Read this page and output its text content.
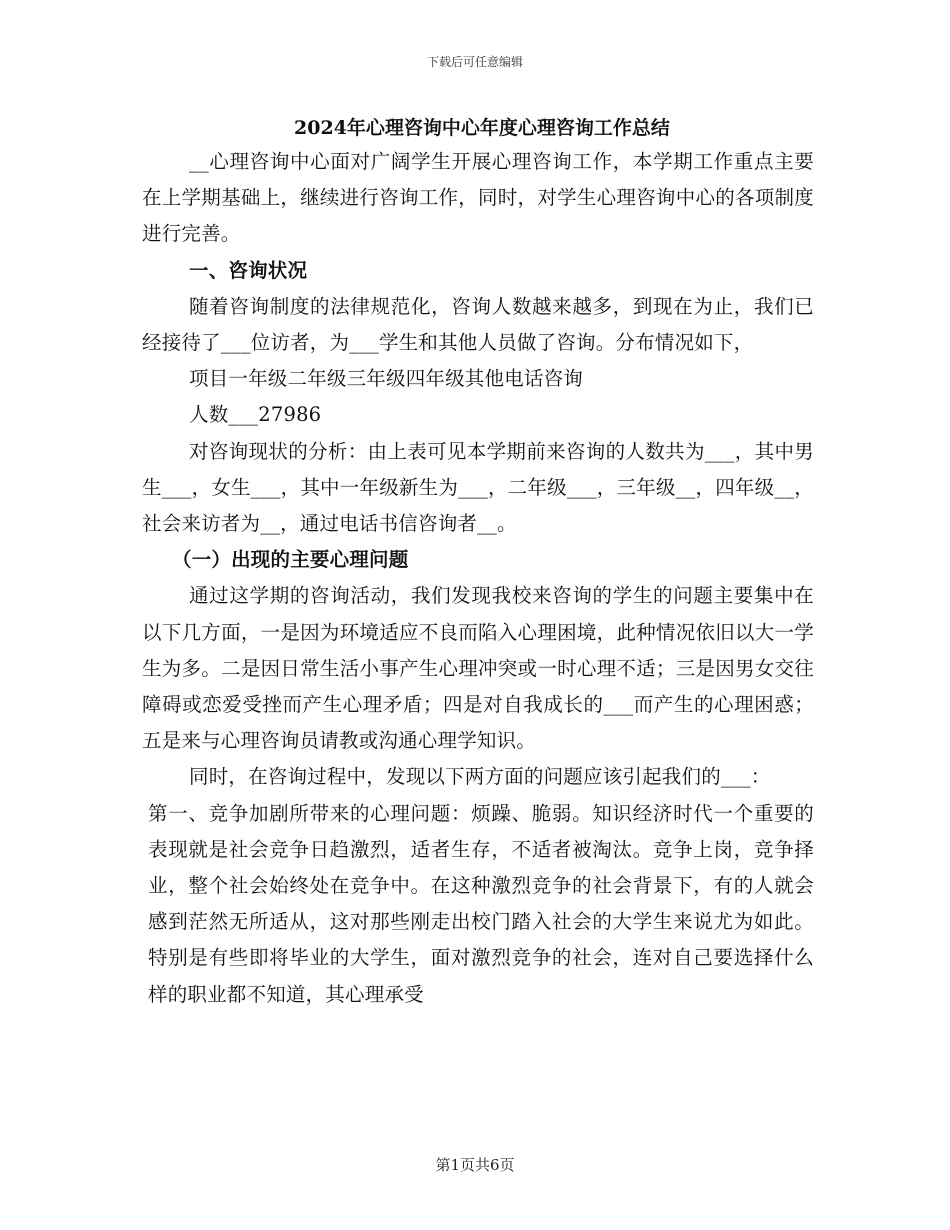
下载后可任意编辑

2024年心理咨询中心年度心理咨询工作总结

__心理咨询中心面对广阔学生开展心理咨询工作，本学期工作重点主要在上学期基础上，继续进行咨询工作，同时，对学生心理咨询中心的各项制度进行完善。

一、咨询状况

随着咨询制度的法律规范化，咨询人数越来越多，到现在为止，我们已经接待了___位访者，为___学生和其他人员做了咨询。分布情况如下，

项目一年级二年级三年级四年级其他电话咨询

人数___27986

对咨询现状的分析：由上表可见本学期前来咨询的人数共为___，其中男生___，女生___，其中一年级新生为___，二年级___，三年级__，四年级__，社会来访者为__，通过电话书信咨询者__。

（一）出现的主要心理问题

通过这学期的咨询活动，我们发现我校来咨询的学生的问题主要集中在以下几方面，一是因为环境适应不良而陷入心理困境，此种情况依旧以大一学生为多。二是因日常生活小事产生心理冲突或一时心理不适；三是因男女交往障碍或恋爱受挫而产生心理矛盾；四是对自我成长的___而产生的心理困惑；五是来与心理咨询员请教或沟通心理学知识。

同时，在咨询过程中，发现以下两方面的问题应该引起我们的___：

第一、竞争加剧所带来的心理问题：烦躁、脆弱。知识经济时代一个重要的表现就是社会竞争日趋激烈，适者生存，不适者被淘汰。竞争上岗，竞争择业，整个社会始终处在竞争中。在这种激烈竞争的社会背景下，有的人就会感到茫然无所适从，这对那些刚走出校门踏入社会的大学生来说尤为如此。特别是有些即将毕业的大学生，面对激烈竞争的社会，连对自己要选择什么样的职业都不知道，其心理承受

第1页共6页
